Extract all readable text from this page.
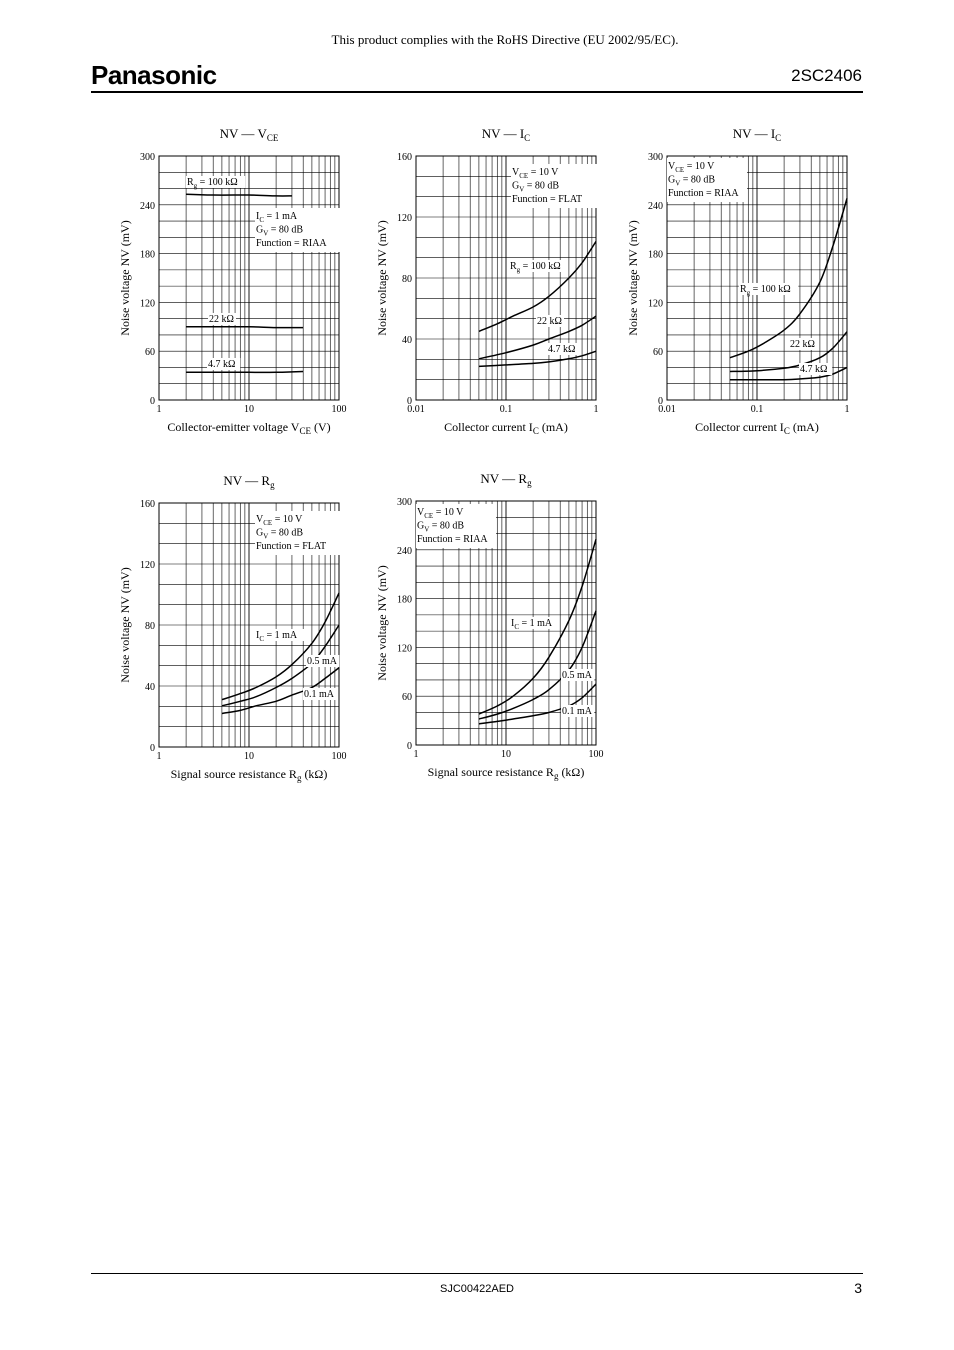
This product complies with the RoHS Directive (EU 2002/95/EC).
Panasonic	2SC2406
0
60
120
180
240
300
1	10	100
NV — $V_{CE}$
Collector-emitter voltage $V_{CE}$ (V)
Noise voltage NV (mV)
$I_C = 1$ mA
$G_V = 80$ dB
Function = RIAA
$R_g = 100$ kΩ
22 kΩ
4.7 kΩ
0
40
80
120
160
0.01	0.1	1
NV — $I_C$
Collector current $I_C$ (mA)
Noise voltage NV (mV)
$V_{CE} = 10$ V
$G_V = 80$ dB
Function = FLAT
$R_g = 100$ kΩ
22 kΩ
4.7 kΩ
0
60
120
180
240
300
0.01	0.1	1
NV — $I_C$
Collector current $I_C$ (mA)
Noise voltage NV (mV)
$V_{CE} = 10$ V
$G_V = 80$ dB
Function = RIAA
$R_g = 100$ kΩ
22 kΩ
4.7 kΩ
0
40
80
120
160
1	10	100
NV — $R_g$
Signal source resistance $R_g$ (kΩ)
Noise voltage NV (mV)
$V_{CE} = 10$ V
$G_V = 80$ dB
Function = FLAT
$I_C = 1$ mA
0.5 mA
0.1 mA
0
60
120
180
240
300
1	10	100
NV — $R_g$
Signal source resistance $R_g$ (kΩ)
Noise voltage NV (mV)
$V_{CE} = 10$ V
$G_V = 80$ dB
Function = RIAA
$I_C = 1$ mA
0.5 mA
0.1 mA
SJC00422AED	3
